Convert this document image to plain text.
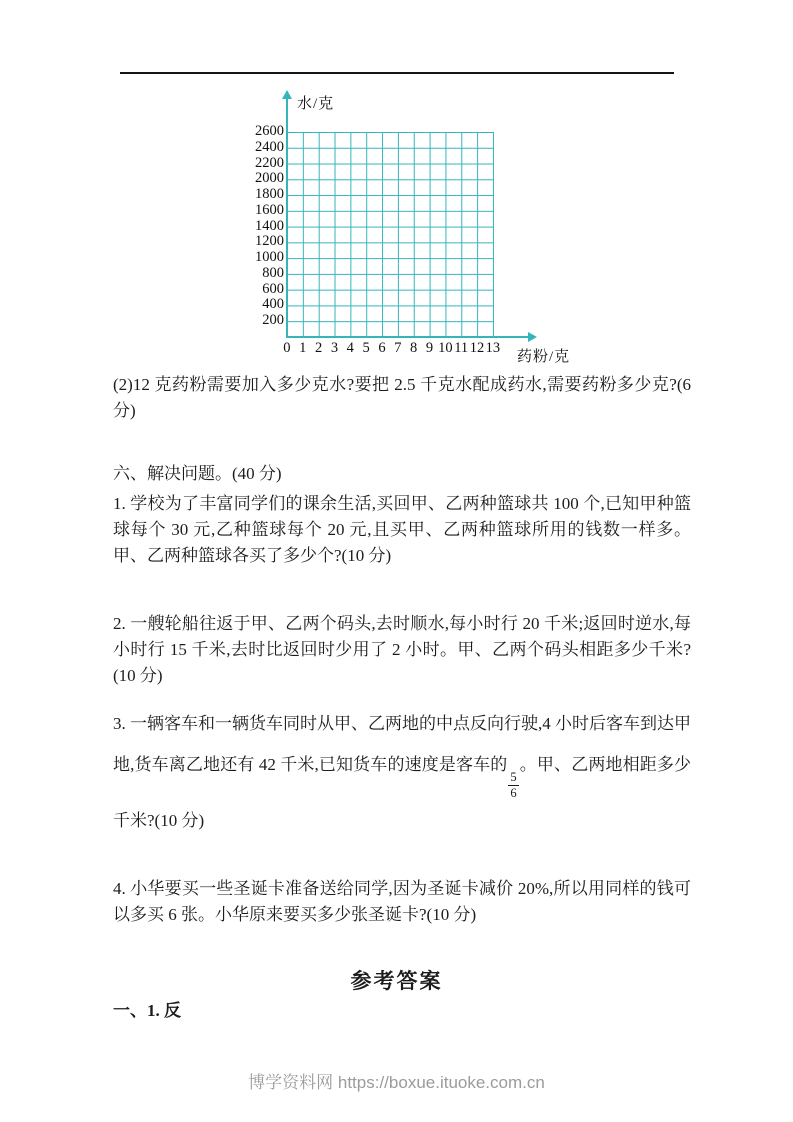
水/克
药粉/克
2600
2400
2200
2000
1800
1600
1400
1200
1000
800
600
400
200
0 1 2 3 4 5 6 7 8 9 10 11 12 13

(2)12 克药粉需要加入多少克水?要把 2.5 千克水配成药水,需要药粉多少克?(6 分)

六、解决问题。(40 分)

1. 学校为了丰富同学们的课余生活,买回甲、乙两种篮球共 100 个,已知甲种篮球每个 30 元,乙种篮球每个 20 元,且买甲、乙两种篮球所用的钱数一样多。甲、乙两种篮球各买了多少个?(10 分)

2. 一艘轮船往返于甲、乙两个码头,去时顺水,每小时行 20 千米;返回时逆水,每小时行 15 千米,去时比返回时少用了 2 小时。甲、乙两个码头相距多少千米?(10 分)

3. 一辆客车和一辆货车同时从甲、乙两地的中点反向行驶,4 小时后客车到达甲地,货车离乙地还有 42 千米,已知货车的速度是客车的
$\frac{5}{6}$
。甲、乙两地相距多少千米?(10 分)

4. 小华要买一些圣诞卡准备送给同学,因为圣诞卡减价 20%,所以用同样的钱可以多买 6 张。小华原来要买多少张圣诞卡?(10 分)

参考答案

一、1. 反

博学资料网 https://boxue.ituoke.com.cn
